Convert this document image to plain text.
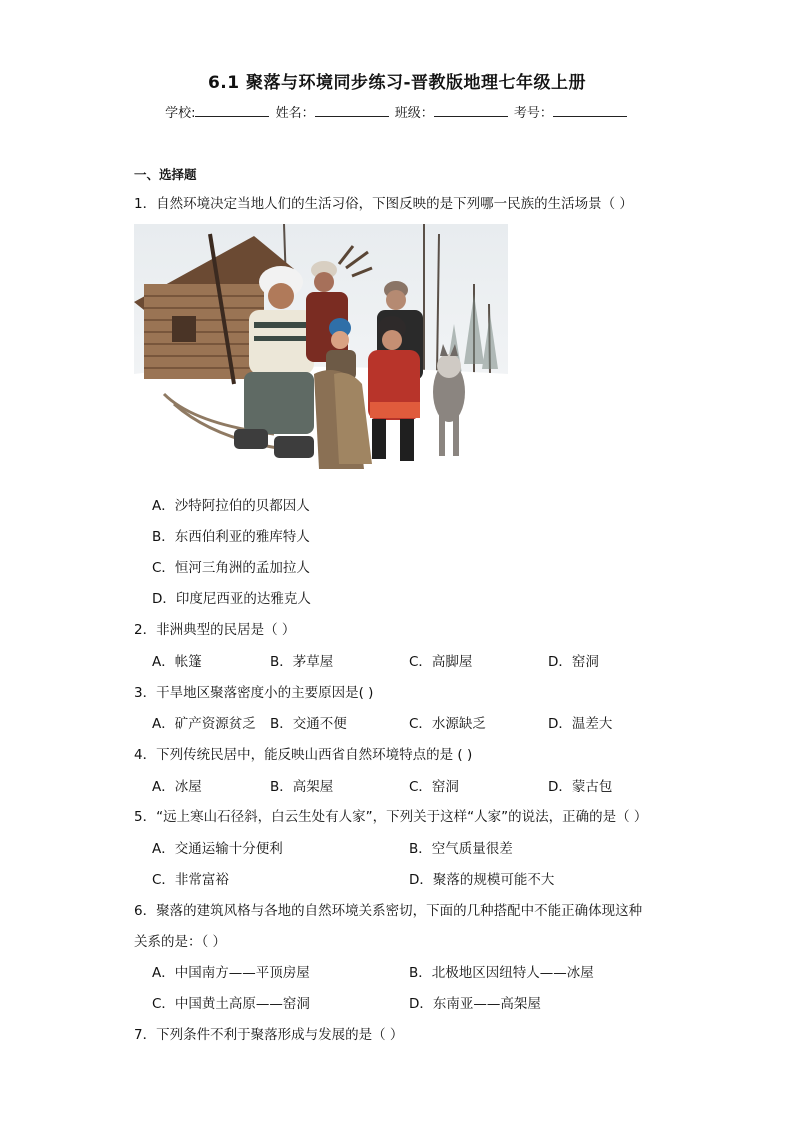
6.1 聚落与环境同步练习-晋教版地理七年级上册
学校:	姓名：	班级：	考号：
一、选择题
1．自然环境决定当地人们的生活习俗，下图反映的是下列哪一民族的生活场景（ ）
A．沙特阿拉伯的贝都因人
B．东西伯利亚的雅库特人
C．恒河三角洲的孟加拉人
D．印度尼西亚的达雅克人
2．非洲典型的民居是（ ）
A．帐篷	B．茅草屋	C．高脚屋	D．窑洞
3．干旱地区聚落密度小的主要原因是( )
A．矿产资源贫乏 B．交通不便	C．水源缺乏	D．温差大
4．下列传统民居中，能反映山西省自然环境特点的是 ( )
A．冰屋	B．高架屋	C．窑洞	D．蒙古包
5．“远上寒山石径斜，白云生处有人家”，下列关于这样“人家”的说法，正确的是（ ）
A．交通运输十分便利	B．空气质量很差
C．非常富裕	D．聚落的规模可能不大
6．聚落的建筑风格与各地的自然环境关系密切，下面的几种搭配中不能正确体现这种
关系的是：（ ）
A．中国南方——平顶房屋	B．北极地区因纽特人——冰屋
C．中国黄土高原——窑洞	D．东南亚——高架屋
7．下列条件不利于聚落形成与发展的是（ ）
